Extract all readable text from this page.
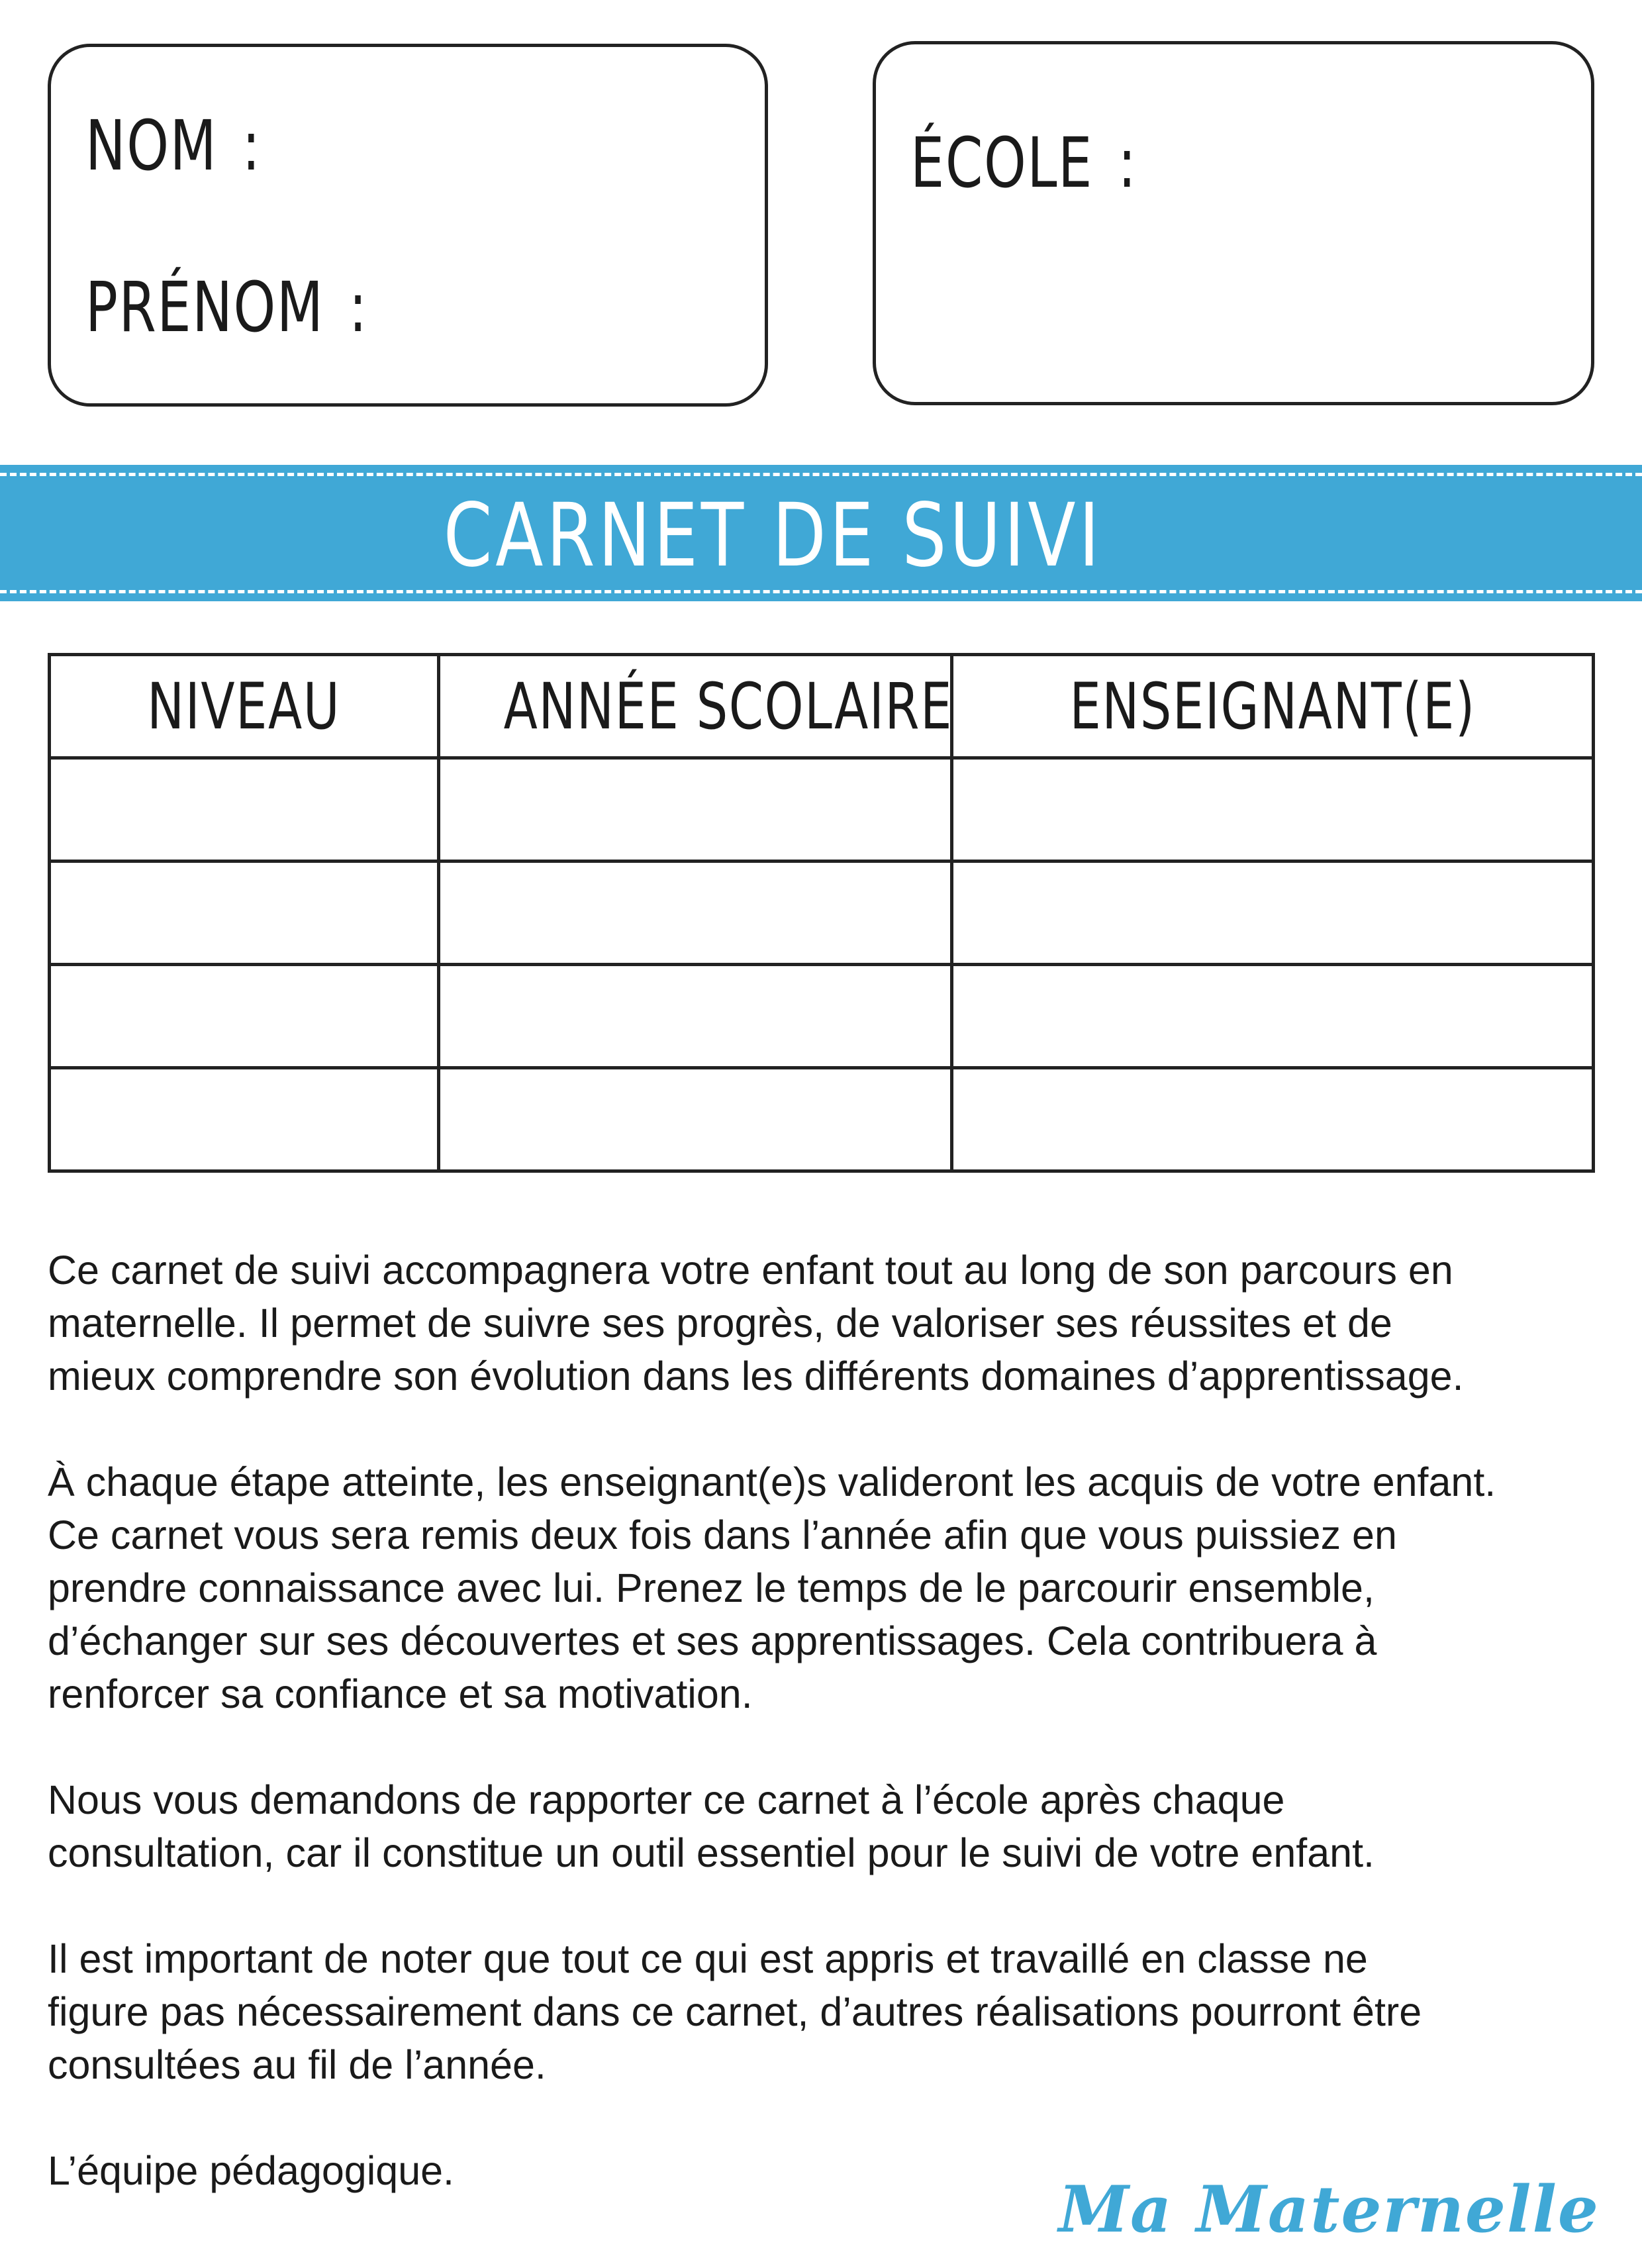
NOM :
PRÉNOM :
ÉCOLE :
CARNET DE SUIVI
NIVEAU	ANNÉE SCOLAIRE	ENSEIGNANT(E)

Ce carnet de suivi accompagnera votre enfant tout au long de son parcours en
maternelle. Il permet de suivre ses progrès, de valoriser ses réussites et de
mieux comprendre son évolution dans les différents domaines d’apprentissage.

À chaque étape atteinte, les enseignant(e)s valideront les acquis de votre enfant.
Ce carnet vous sera remis deux fois dans l’année afin que vous puissiez en
prendre connaissance avec lui. Prenez le temps de le parcourir ensemble,
d’échanger sur ses découvertes et ses apprentissages. Cela contribuera à
renforcer sa confiance et sa motivation.

Nous vous demandons de rapporter ce carnet à l’école après chaque
consultation, car il constitue un outil essentiel pour le suivi de votre enfant.

Il est important de noter que tout ce qui est appris et travaillé en classe ne
figure pas nécessairement dans ce carnet, d’autres réalisations pourront être
consultées au fil de l’année.

L’équipe pédagogique.

Ma Maternelle
